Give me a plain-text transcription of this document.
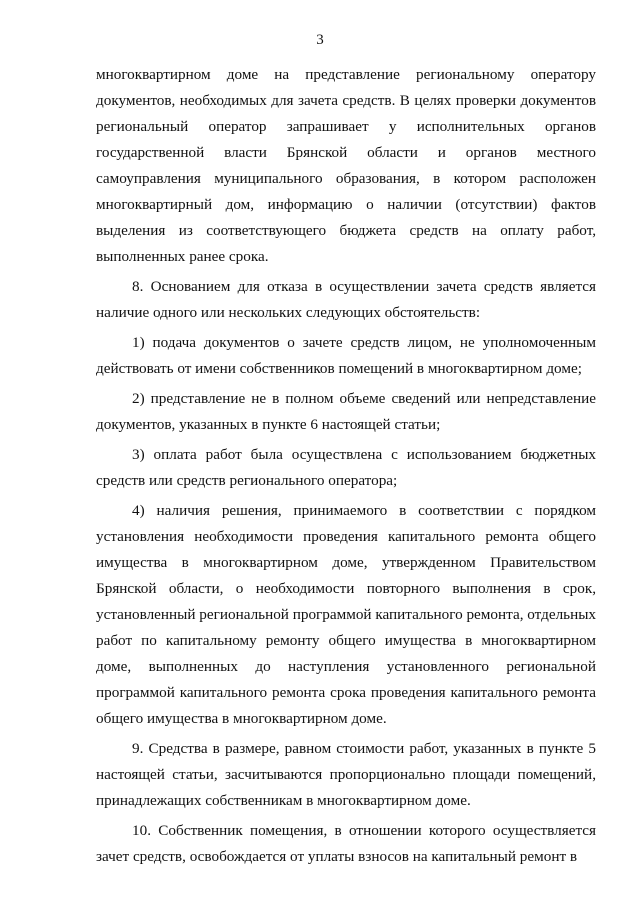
3

многоквартирном доме на представление региональному оператору документов, необходимых для зачета средств. В целях проверки документов региональный оператор запрашивает у исполнительных органов государственной власти Брянской области и органов местного самоуправления муниципального образования, в котором расположен многоквартирный дом, информацию о наличии (отсутствии) фактов выделения из соответствующего бюджета средств на оплату работ, выполненных ранее срока.

8. Основанием для отказа в осуществлении зачета средств является наличие одного или нескольких следующих обстоятельств:

1) подача документов о зачете средств лицом, не уполномоченным действовать от имени собственников помещений в многоквартирном доме;

2) представление не в полном объеме сведений или непредставление документов, указанных в пункте 6 настоящей статьи;

3) оплата работ была осуществлена с использованием бюджетных средств или средств регионального оператора;

4) наличия решения, принимаемого в соответствии с порядком установления необходимости проведения капитального ремонта общего имущества в многоквартирном доме, утвержденном Правительством Брянской области, о необходимости повторного выполнения в срок, установленный региональной программой капитального ремонта, отдельных работ по капитальному ремонту общего имущества в многоквартирном доме, выполненных до наступления установленного региональной программой капитального ремонта срока проведения капитального ремонта общего имущества в многоквартирном доме.

9. Средства в размере, равном стоимости работ, указанных в пункте 5 настоящей статьи, засчитываются пропорционально площади помещений, принадлежащих собственникам в многоквартирном доме.

10. Собственник помещения, в отношении которого осуществляется зачет средств, освобождается от уплаты взносов на капитальный ремонт в
